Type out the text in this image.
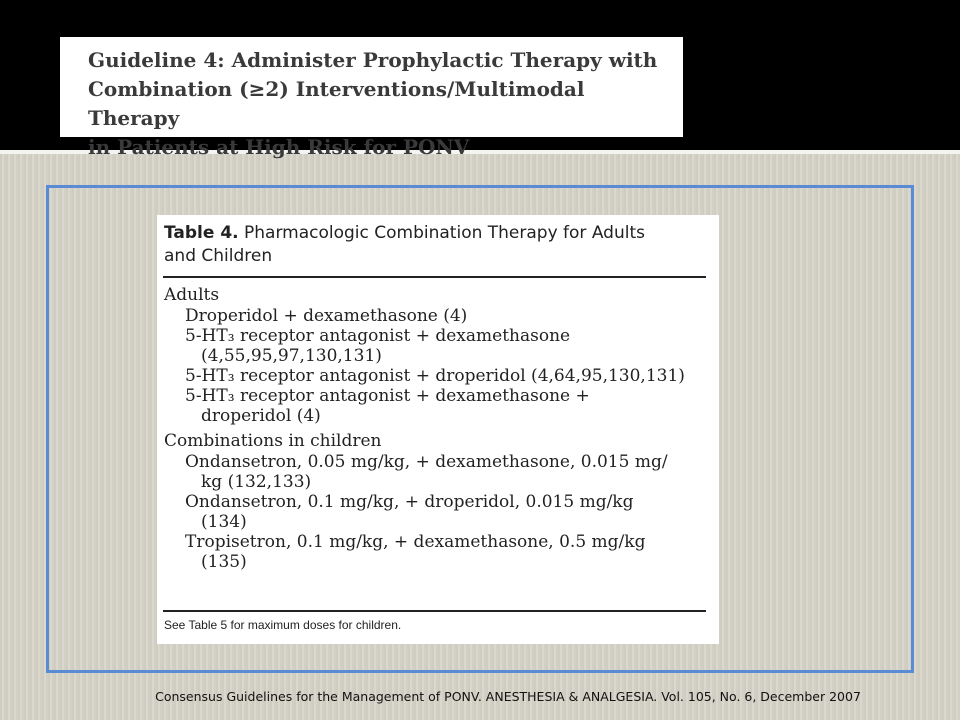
Guideline 4: Administer Prophylactic Therapy with
Combination (≥2) Interventions/Multimodal Therapy
in Patients at High Risk for PONV

Table 4. Pharmacologic Combination Therapy for Adults
and Children

Adults
Droperidol + dexamethasone (4)
5-HT₃ receptor antagonist + dexamethasone
(4,55,95,97,130,131)
5-HT₃ receptor antagonist + droperidol (4,64,95,130,131)
5-HT₃ receptor antagonist + dexamethasone +
droperidol (4)
Combinations in children
Ondansetron, 0.05 mg/kg, + dexamethasone, 0.015 mg/
kg (132,133)
Ondansetron, 0.1 mg/kg, + droperidol, 0.015 mg/kg
(134)
Tropisetron, 0.1 mg/kg, + dexamethasone, 0.5 mg/kg
(135)

See Table 5 for maximum doses for children.

Consensus Guidelines for the Management of PONV. ANESTHESIA & ANALGESIA. Vol. 105, No. 6, December 2007
